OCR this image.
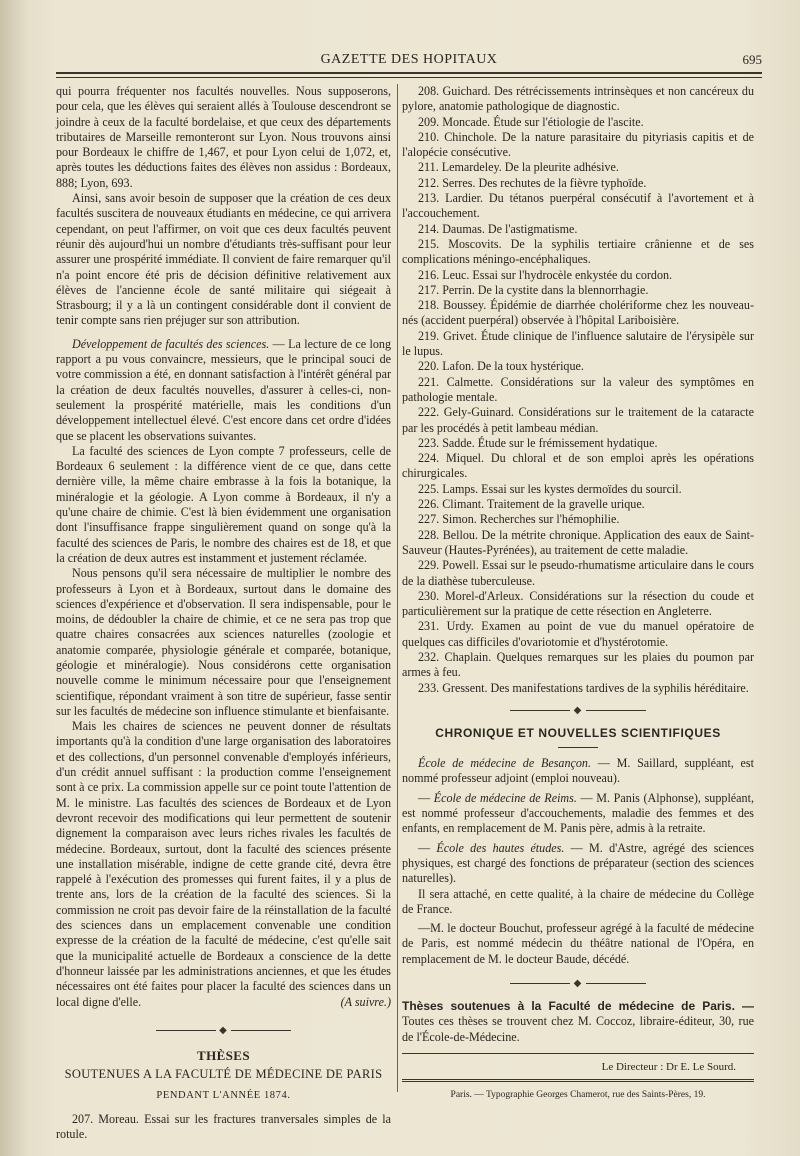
GAZETTE DES HOPITAUX	695

qui pourra fréquenter nos facultés nouvelles. Nous supposerons, pour cela, que les élèves qui seraient allés à Toulouse descendront se joindre à ceux de la faculté bordelaise, et que ceux des départements tributaires de Marseille remonteront sur Lyon. Nous trouvons ainsi pour Bordeaux le chiffre de 1,467, et pour Lyon celui de 1,072, et, après toutes les déductions faites des élèves non assidus : Bordeaux, 888; Lyon, 693.

Ainsi, sans avoir besoin de supposer que la création de ces deux facultés suscitera de nouveaux étudiants en médecine, ce qui arrivera cependant, on peut l'affirmer, on voit que ces deux facultés peuvent réunir dès aujourd'hui un nombre d'étudiants très-suffisant pour leur assurer une prospérité immédiate. Il convient de faire remarquer qu'il n'a point encore été pris de décision définitive relativement aux élèves de l'ancienne école de santé militaire qui siégeait à Strasbourg; il y a là un contingent considérable dont il convient de tenir compte sans rien préjuger sur son attribution.

Développement de facultés des sciences. — La lecture de ce long rapport a pu vous convaincre, messieurs, que le principal souci de votre commission a été, en donnant satisfaction à l'intérêt général par la création de deux facultés nouvelles, d'assurer à celles-ci, non-seulement la prospérité matérielle, mais les conditions d'un développement intellectuel élevé. C'est encore dans cet ordre d'idées que se placent les observations suivantes.

La faculté des sciences de Lyon compte 7 professeurs, celle de Bordeaux 6 seulement : la différence vient de ce que, dans cette dernière ville, la même chaire embrasse à la fois la botanique, la minéralogie et la géologie. A Lyon comme à Bordeaux, il n'y a qu'une chaire de chimie. C'est là bien évidemment une organisation dont l'insuffisance frappe singulièrement quand on songe qu'à la faculté des sciences de Paris, le nombre des chaires est de 18, et que la création de deux autres est instamment et justement réclamée.

Nous pensons qu'il sera nécessaire de multiplier le nombre des professeurs à Lyon et à Bordeaux, surtout dans le domaine des sciences d'expérience et d'observation. Il sera indispensable, pour le moins, de dédoubler la chaire de chimie, et ce ne sera pas trop que quatre chaires consacrées aux sciences naturelles (zoologie et anatomie comparée, physiologie générale et comparée, botanique, géologie et minéralogie). Nous considérons cette organisation nouvelle comme le minimum nécessaire pour que l'enseignement scientifique, répondant vraiment à son titre de supérieur, fasse sentir sur les facultés de médecine son influence stimulante et bienfaisante.

Mais les chaires de sciences ne peuvent donner de résultats importants qu'à la condition d'une large organisation des laboratoires et des collections, d'un personnel convenable d'employés inférieurs, d'un crédit annuel suffisant : la production comme l'enseignement sont à ce prix. La commission appelle sur ce point toute l'attention de M. le ministre. Las facultés des sciences de Bordeaux et de Lyon devront recevoir des modifications qui leur permettent de soutenir dignement la comparaison avec leurs riches rivales les facultés de médecine. Bordeaux, surtout, dont la faculté des sciences présente une installation misérable, indigne de cette grande cité, devra être rappelé à l'exécution des promesses qui furent faites, il y a plus de trente ans, lors de la création de la faculté des sciences. Si la commission ne croit pas devoir faire de la réinstallation de la faculté des sciences dans un emplacement convenable une condition expresse de la création de la faculté de médecine, c'est qu'elle sait que la municipalité actuelle de Bordeaux a conscience de la dette d'honneur laissée par les administrations anciennes, et que les études nécessaires ont été faites pour placer la faculté des sciences dans un local digne d'elle.	(A suivre.)

◆
THÈSES
SOUTENUES A LA FACULTÉ DE MÉDECINE DE PARIS
PENDANT L'ANNÉE 1874.

207. Moreau. Essai sur les fractures tranversales simples de la rotule.

208. Guichard. Des rétrécissements intrinsèques et non cancéreux du pylore, anatomie pathologique de diagnostic.

209. Moncade. Étude sur l'étiologie de l'ascite.

210. Chinchole. De la nature parasitaire du pityriasis capitis et de l'alopécie consécutive.

211. Lemardeley. De la pleurite adhésive.

212. Serres. Des rechutes de la fièvre typhoïde.

213. Lardier. Du tétanos puerpéral consécutif à l'avortement et à l'accouchement.

214. Daumas. De l'astigmatisme.

215. Moscovits. De la syphilis tertiaire crânienne et de ses complications méningo-encéphaliques.

216. Leuc. Essai sur l'hydrocèle enkystée du cordon.

217. Perrin. De la cystite dans la blennorrhagie.

218. Boussey. Épidémie de diarrhée cholériforme chez les nouveau-nés (accident puerpéral) observée à l'hôpital Lariboisière.

219. Grivet. Étude clinique de l'influence salutaire de l'érysipèle sur le lupus.

220. Lafon. De la toux hystérique.

221. Calmette. Considérations sur la valeur des symptômes en pathologie mentale.

222. Gely-Guinard. Considérations sur le traitement de la cataracte par les procédés à petit lambeau médian.

223. Sadde. Étude sur le frémissement hydatique.

224. Miquel. Du chloral et de son emploi après les opérations chirurgicales.

225. Lamps. Essai sur les kystes dermoïdes du sourcil.

226. Climant. Traitement de la gravelle urique.

227. Simon. Recherches sur l'hémophilie.

228. Bellou. De la métrite chronique. Application des eaux de Saint-Sauveur (Hautes-Pyrénées), au traitement de cette maladie.

229. Powell. Essai sur le pseudo-rhumatisme articulaire dans le cours de la diathèse tuberculeuse.

230. Morel-d'Arleux. Considérations sur la résection du coude et particulièrement sur la pratique de cette résection en Angleterre.

231. Urdy. Examen au point de vue du manuel opératoire de quelques cas difficiles d'ovariotomie et d'hystérotomie.

232. Chaplain. Quelques remarques sur les plaies du poumon par armes à feu.

233. Gressent. Des manifestations tardives de la syphilis héréditaire.

◆
CHRONIQUE ET NOUVELLES SCIENTIFIQUES

École de médecine de Besançon. — M. Saillard, suppléant, est nommé professeur adjoint (emploi nouveau).

— École de médecine de Reims. — M. Panis (Alphonse), suppléant, est nommé professeur d'accouchements, maladie des femmes et des enfants, en remplacement de M. Panis père, admis à la retraite.

— École des hautes études. — M. d'Astre, agrégé des sciences physiques, est chargé des fonctions de préparateur (section des sciences naturelles).

Il sera attaché, en cette qualité, à la chaire de médecine du Collège de France.

—M. le docteur Bouchut, professeur agrégé à la faculté de médecine de Paris, est nommé médecin du théâtre national de l'Opéra, en remplacement de M. le docteur Baude, décédé.

◆

Thèses soutenues à la Faculté de médecine de Paris. — Toutes ces thèses se trouvent chez M. Coccoz, libraire-éditeur, 30, rue de l'École-de-Médecine.

Le Directeur : Dr E. Le Sourd.
Paris. — Typographie Georges Chamerot, rue des Saints-Pères, 19.
